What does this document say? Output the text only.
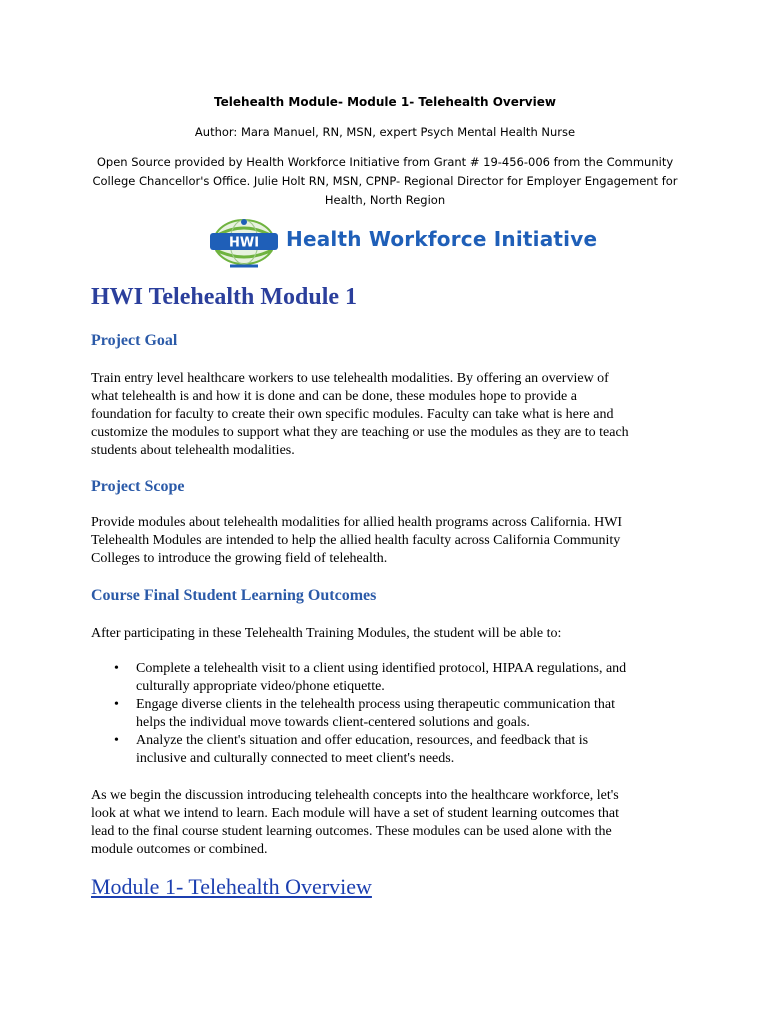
Telehealth Module- Module 1- Telehealth Overview
Author: Mara Manuel, RN, MSN, expert Psych Mental Health Nurse
Open Source provided by Health Workforce Initiative from Grant # 19-456-006 from the Community
College Chancellor's Office. Julie Holt RN, MSN, CPNP- Regional Director for Employer Engagement for
Health, North Region
HWI Health Workforce Initiative
HWI Telehealth Module 1
Project Goal
Train entry level healthcare workers to use telehealth modalities. By offering an overview of
what telehealth is and how it is done and can be done, these modules hope to provide a
foundation for faculty to create their own specific modules. Faculty can take what is here and
customize the modules to support what they are teaching or use the modules as they are to teach
students about telehealth modalities.
Project Scope
Provide modules about telehealth modalities for allied health programs across California. HWI
Telehealth Modules are intended to help the allied health faculty across California Community
Colleges to introduce the growing field of telehealth.
Course Final Student Learning Outcomes
After participating in these Telehealth Training Modules, the student will be able to:
• Complete a telehealth visit to a client using identified protocol, HIPAA regulations, and
culturally appropriate video/phone etiquette.
• Engage diverse clients in the telehealth process using therapeutic communication that
helps the individual move towards client-centered solutions and goals.
• Analyze the client's situation and offer education, resources, and feedback that is
inclusive and culturally connected to meet client's needs.
As we begin the discussion introducing telehealth concepts into the healthcare workforce, let's
look at what we intend to learn. Each module will have a set of student learning outcomes that
lead to the final course student learning outcomes. These modules can be used alone with the
module outcomes or combined.
Module 1- Telehealth Overview
